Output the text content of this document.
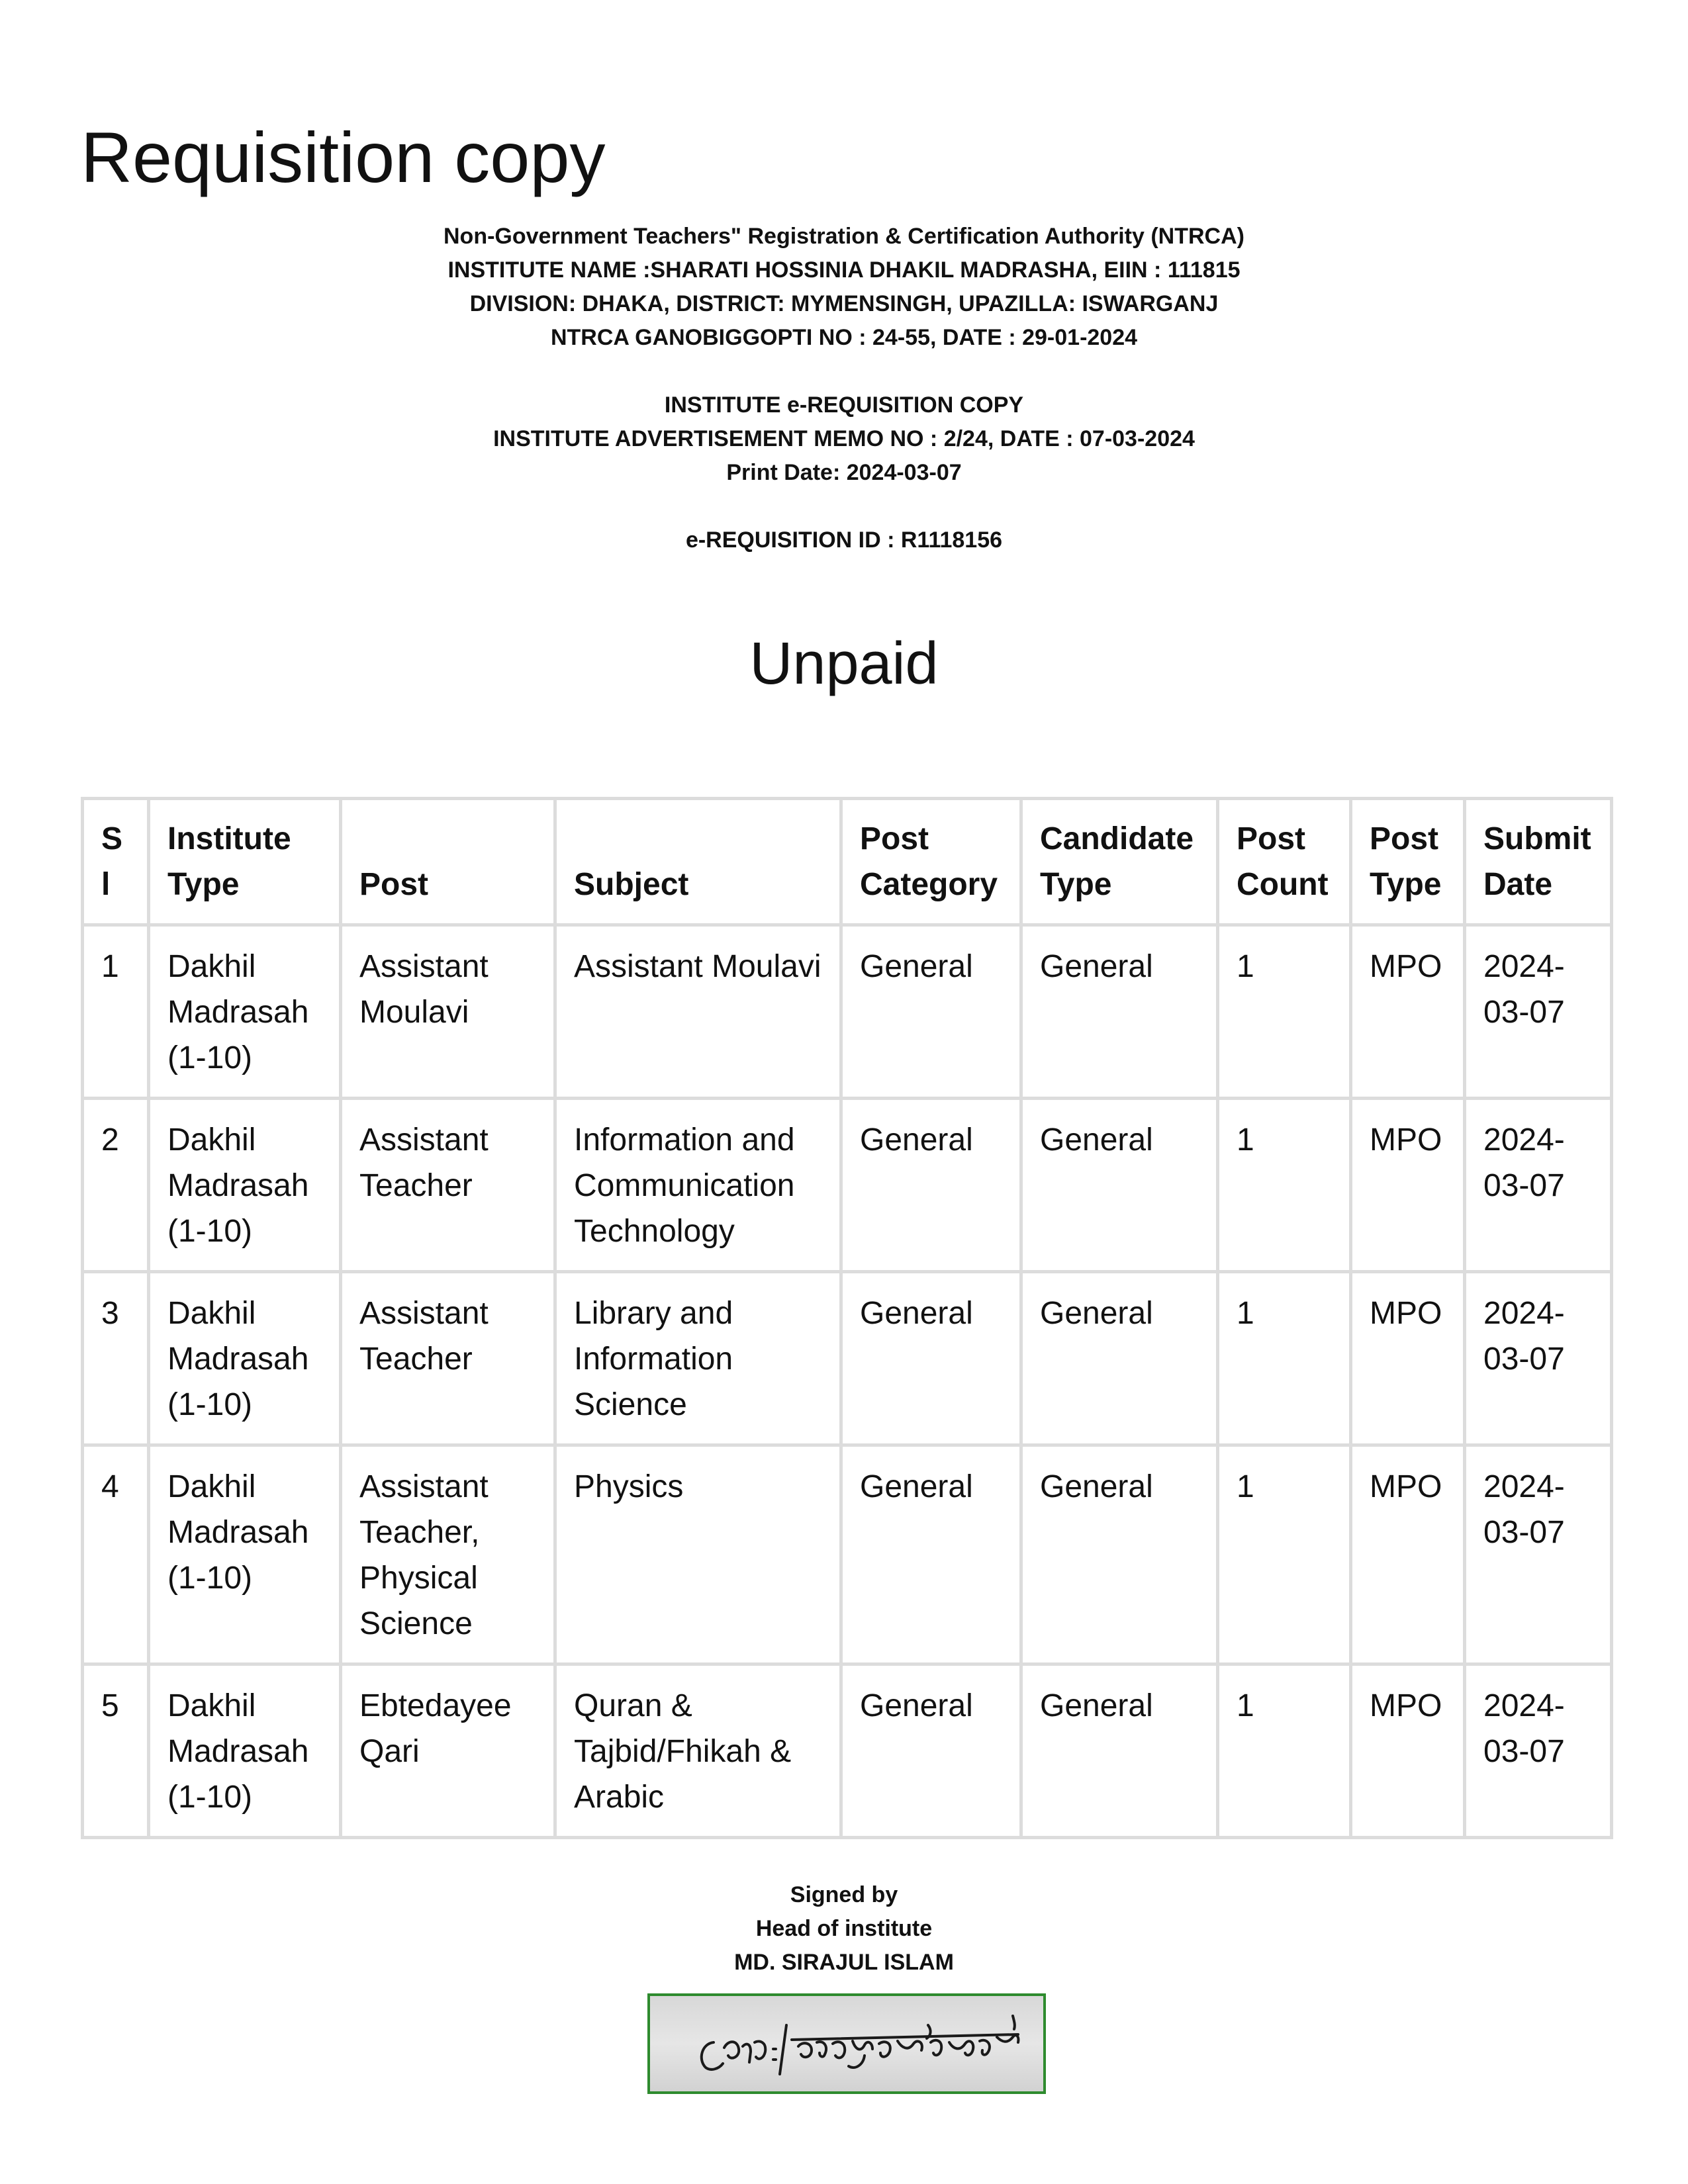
Requisition copy
Non-Government Teachers" Registration & Certification Authority (NTRCA)
INSTITUTE NAME :SHARATI HOSSINIA DHAKIL MADRASHA, EIIN : 111815
DIVISION: DHAKA, DISTRICT: MYMENSINGH, UPAZILLA: ISWARGANJ
NTRCA GANOBIGGOPTI NO : 24-55, DATE : 29-01-2024
INSTITUTE e-REQUISITION COPY
INSTITUTE ADVERTISEMENT MEMO NO : 2/24, DATE : 07-03-2024
Print Date: 2024-03-07
e-REQUISITION ID : R1118156
Unpaid
Sl	Institute Type	Post	Subject	Post Category	Candidate Type	Post Count	Post Type	Submit Date
1	Dakhil Madrasah (1-10)	Assistant Moulavi	Assistant Moulavi	General	General	1	MPO	2024-03-07
2	Dakhil Madrasah (1-10)	Assistant Teacher	Information and Communication Technology	General	General	1	MPO	2024-03-07
3	Dakhil Madrasah (1-10)	Assistant Teacher	Library and Information Science	General	General	1	MPO	2024-03-07
4	Dakhil Madrasah (1-10)	Assistant Teacher, Physical Science	Physics	General	General	1	MPO	2024-03-07
5	Dakhil Madrasah (1-10)	Ebtedayee Qari	Quran & Tajbid/Fhikah & Arabic	General	General	1	MPO	2024-03-07
Signed by
Head of institute
MD. SIRAJUL ISLAM
